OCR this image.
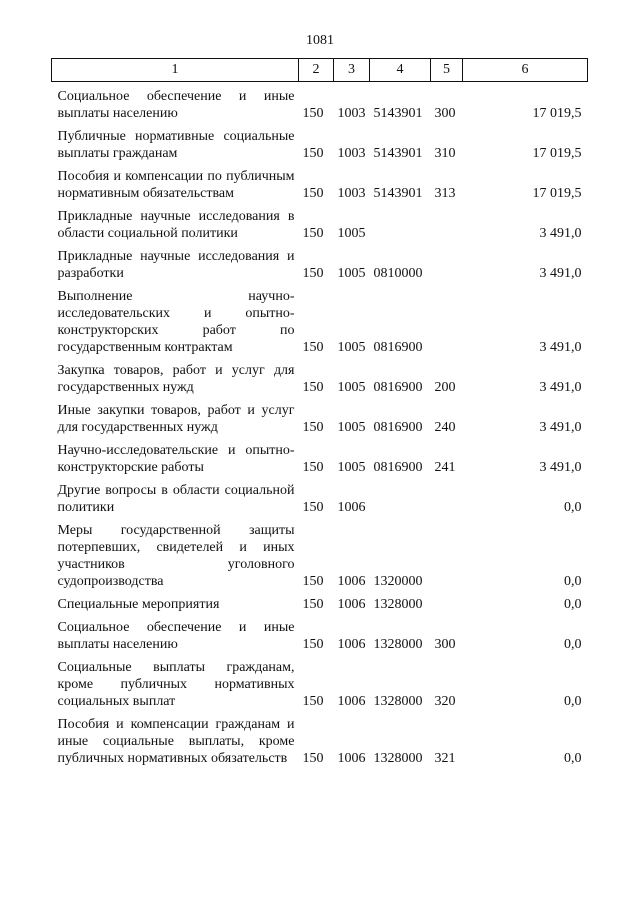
1081
1	2	3	4	5	6
Социальное обеспечение и иные выплаты населению	150	1003	5143901	300	17 019,5
Публичные нормативные социальные выплаты гражданам	150	1003	5143901	310	17 019,5
Пособия и компенсации по публичным нормативным обязательствам	150	1003	5143901	313	17 019,5
Прикладные научные исследования в области социальной политики	150	1005			3 491,0
Прикладные научные исследования и разработки	150	1005	0810000		3 491,0
Выполнение научно-исследовательских и опытно-конструкторских работ по государственным контрактам	150	1005	0816900		3 491,0
Закупка товаров, работ и услуг для государственных нужд	150	1005	0816900	200	3 491,0
Иные закупки товаров, работ и услуг для государственных нужд	150	1005	0816900	240	3 491,0
Научно-исследовательские и опытно-конструкторские работы	150	1005	0816900	241	3 491,0
Другие вопросы в области социальной политики	150	1006			0,0
Меры государственной защиты потерпевших, свидетелей и иных участников уголовного судопроизводства	150	1006	1320000		0,0
Специальные мероприятия	150	1006	1328000		0,0
Социальное обеспечение и иные выплаты населению	150	1006	1328000	300	0,0
Социальные выплаты гражданам, кроме публичных нормативных социальных выплат	150	1006	1328000	320	0,0
Пособия и компенсации гражданам и иные социальные выплаты, кроме публичных нормативных обязательств	150	1006	1328000	321	0,0
